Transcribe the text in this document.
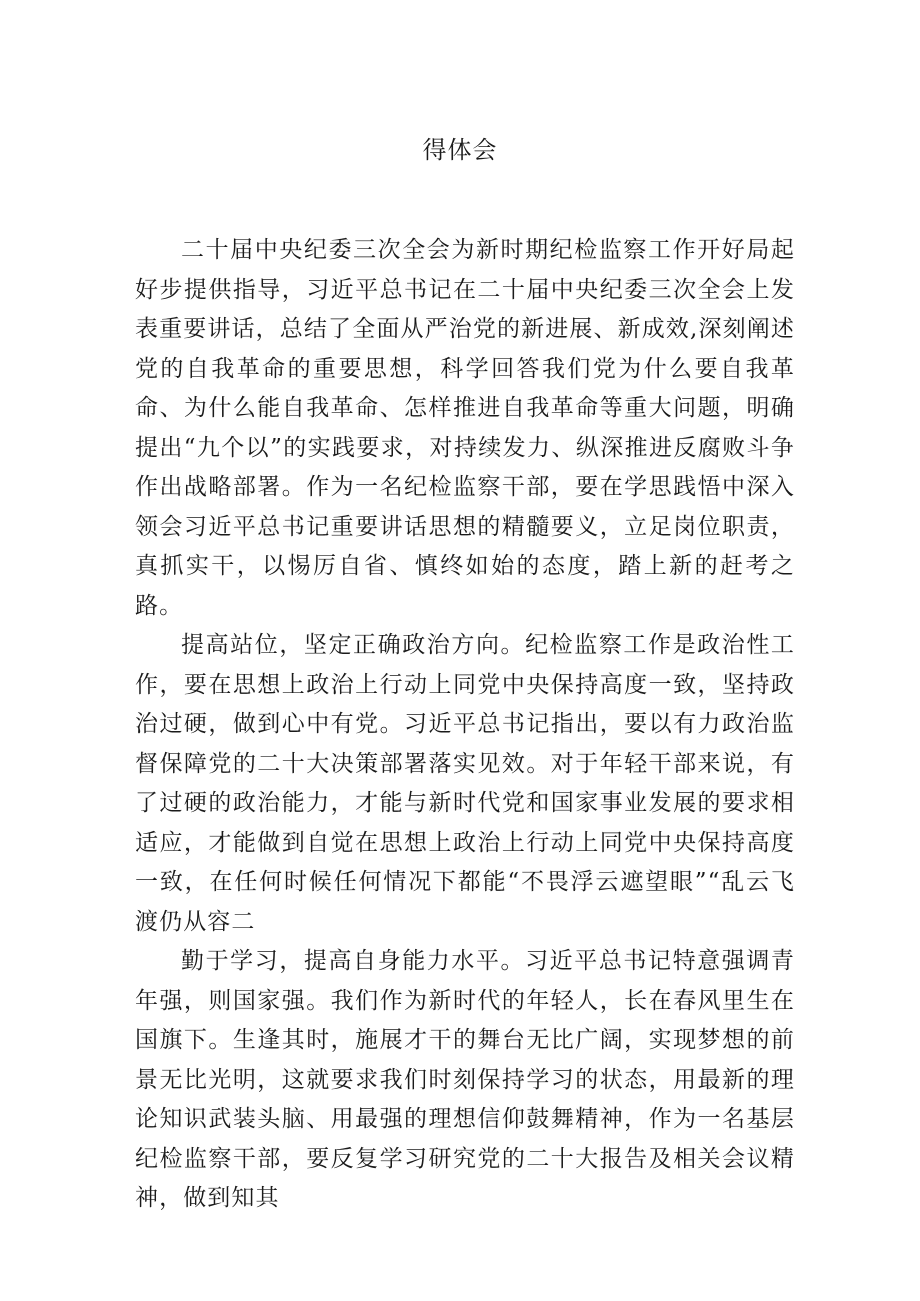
得体会

二十届中央纪委三次全会为新时期纪检监察工作开好局起好步提供指导，习近平总书记在二十届中央纪委三次全会上发表重要讲话，总结了全面从严治党的新进展、新成效,深刻阐述党的自我革命的重要思想，科学回答我们党为什么要自我革命、为什么能自我革命、怎样推进自我革命等重大问题，明确提出“九个以”的实践要求，对持续发力、纵深推进反腐败斗争作出战略部署。作为一名纪检监察干部，要在学思践悟中深入领会习近平总书记重要讲话思想的精髓要义，立足岗位职责，真抓实干，以惕厉自省、慎终如始的态度，踏上新的赶考之路。

提高站位，坚定正确政治方向。纪检监察工作是政治性工作，要在思想上政治上行动上同党中央保持高度一致，坚持政治过硬，做到心中有党。习近平总书记指出，要以有力政治监督保障党的二十大决策部署落实见效。对于年轻干部来说，有了过硬的政治能力，才能与新时代党和国家事业发展的要求相适应，才能做到自觉在思想上政治上行动上同党中央保持高度一致，在任何时候任何情况下都能“不畏浮云遮望眼”“乱云飞渡仍从容二

勤于学习，提高自身能力水平。习近平总书记特意强调青年强，则国家强。我们作为新时代的年轻人，长在春风里生在国旗下。生逢其时，施展才干的舞台无比广阔，实现梦想的前景无比光明，这就要求我们时刻保持学习的状态，用最新的理论知识武装头脑、用最强的理想信仰鼓舞精神，作为一名基层纪检监察干部，要反复学习研究党的二十大报告及相关会议精神，做到知其
